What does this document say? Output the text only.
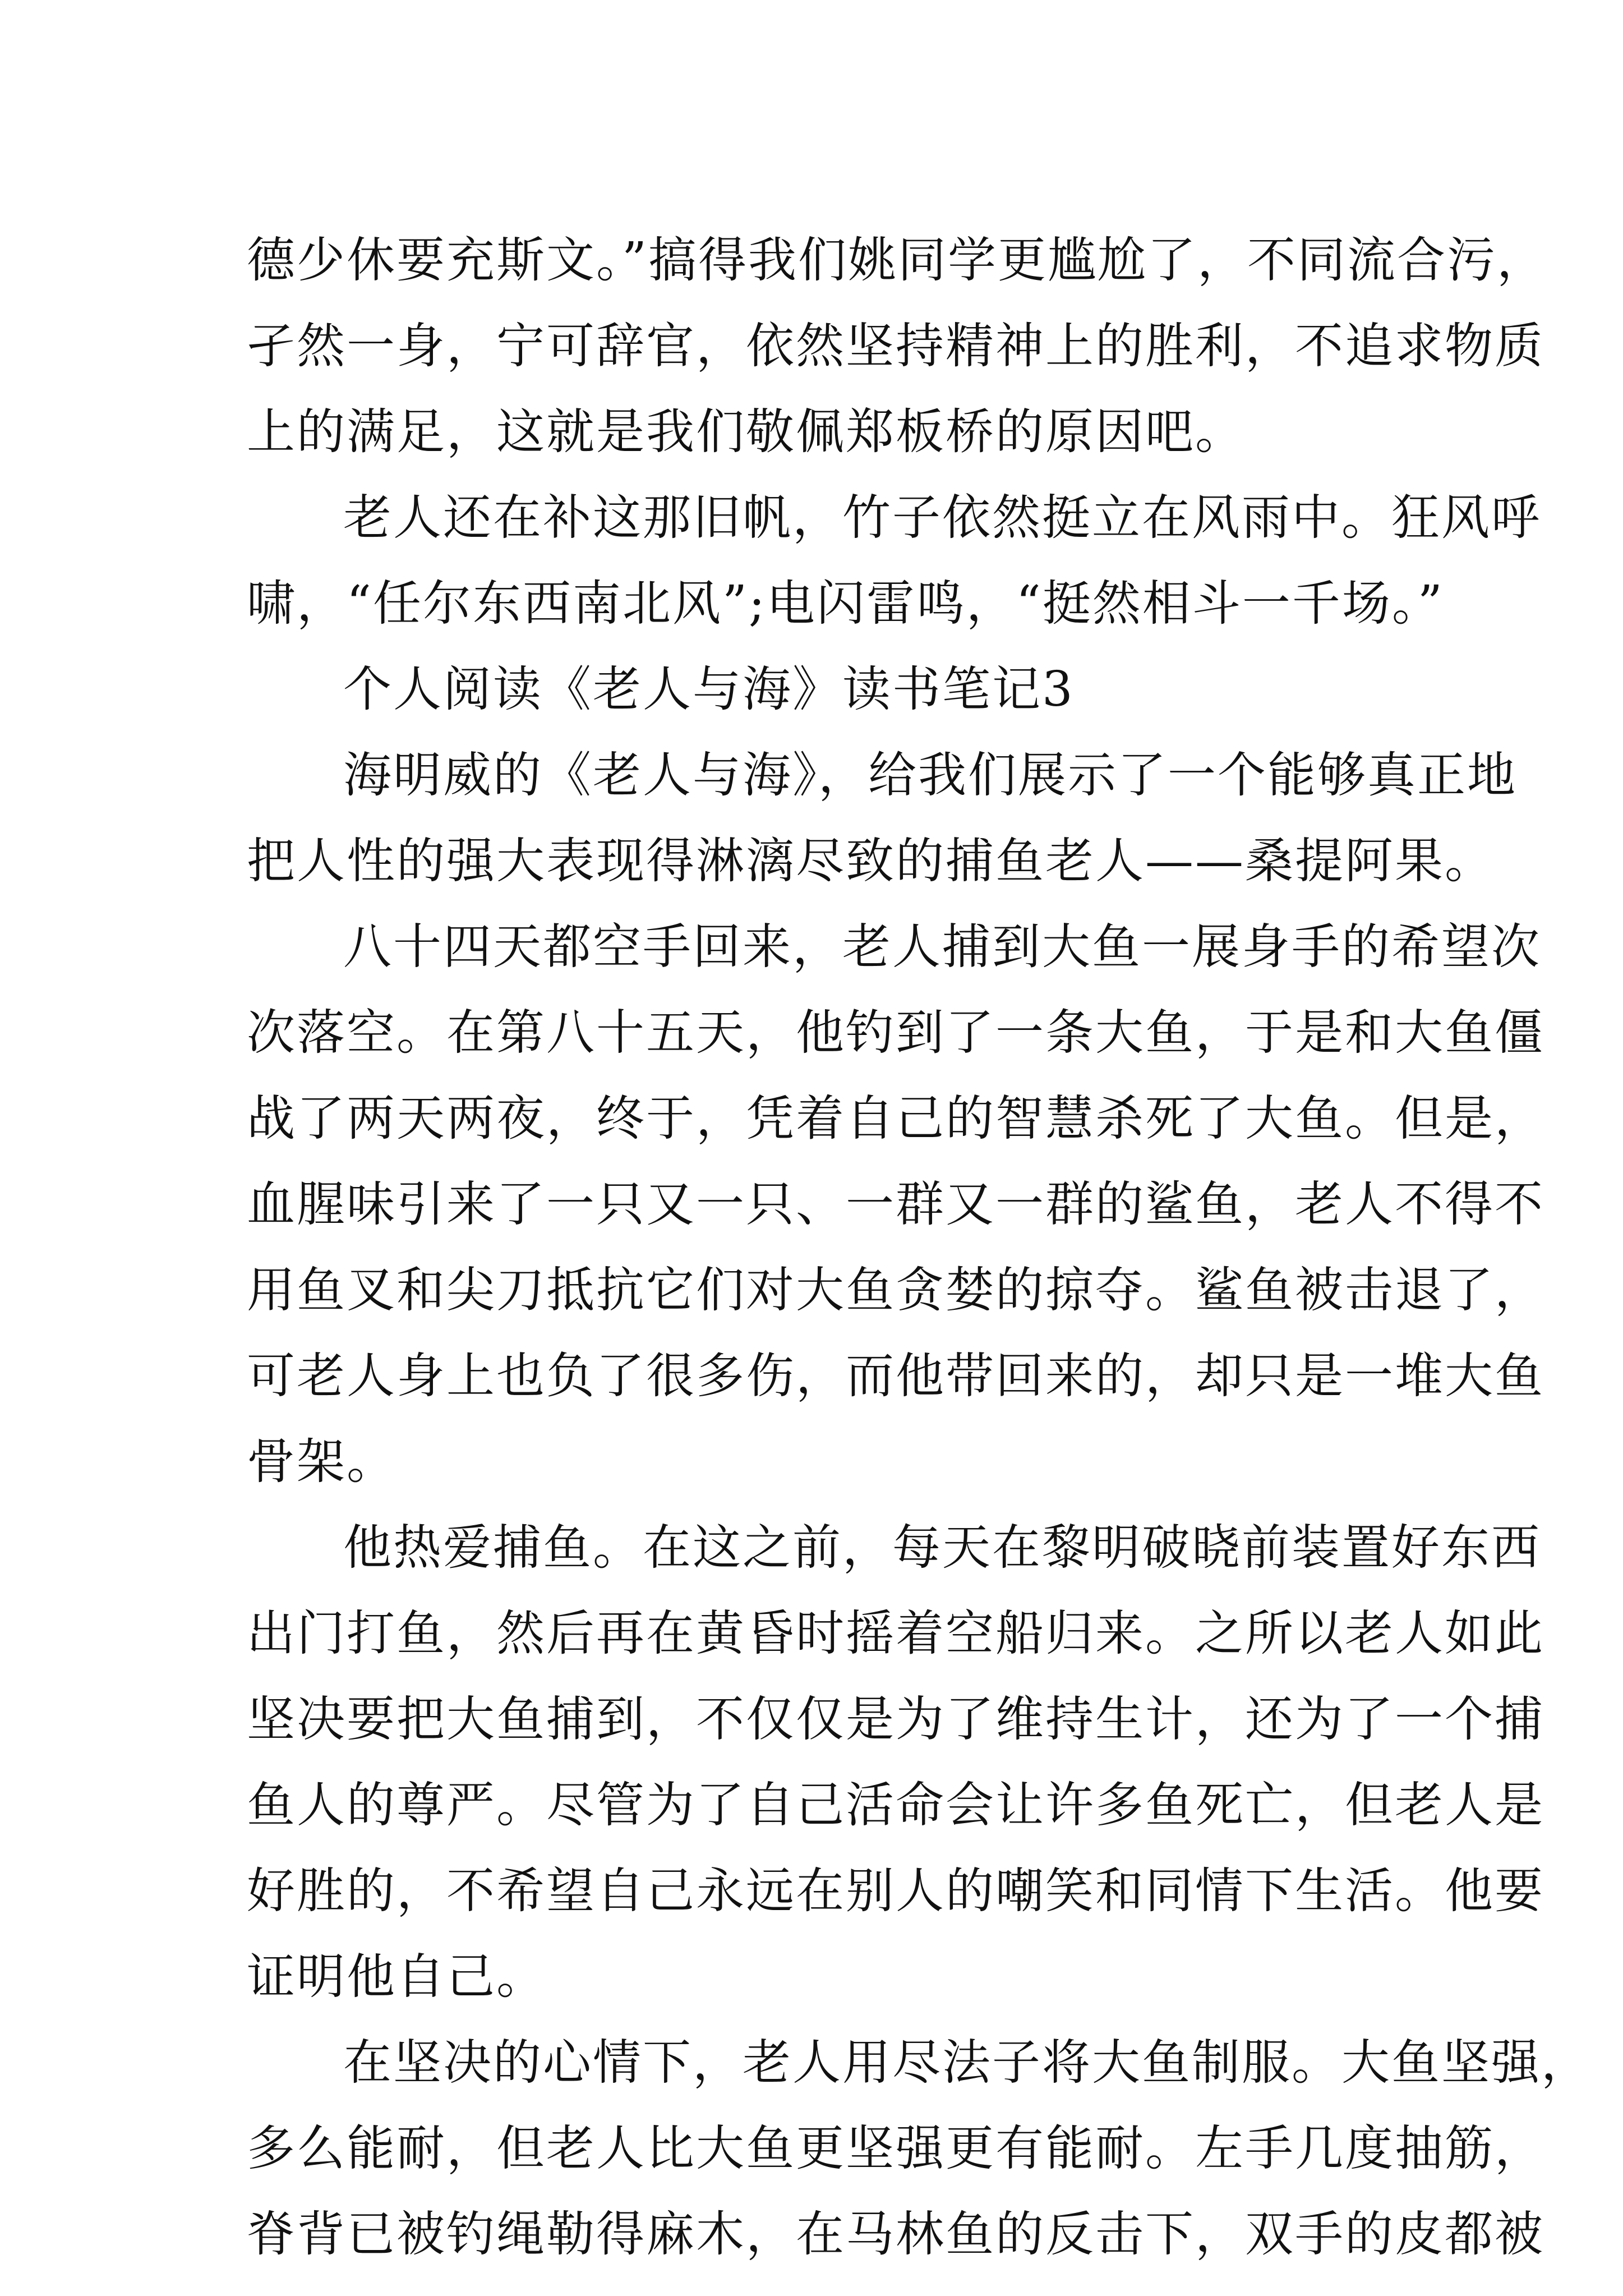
德少休要充斯文。”搞得我们姚同学更尴尬了，不同流合污，
孑然一身，宁可辞官，依然坚持精神上的胜利，不追求物质
上的满足，这就是我们敬佩郑板桥的原因吧。
老人还在补这那旧帆，竹子依然挺立在风雨中。狂风呼
啸，“任尔东西南北风”;电闪雷鸣，“挺然相斗一千场。”
个人阅读《老人与海》读书笔记3
海明威的《老人与海》，给我们展示了一个能够真正地
把人性的强大表现得淋漓尽致的捕鱼老人——桑提阿果。
八十四天都空手回来，老人捕到大鱼一展身手的希望次
次落空。在第八十五天，他钓到了一条大鱼，于是和大鱼僵
战了两天两夜，终于，凭着自己的智慧杀死了大鱼。但是，
血腥味引来了一只又一只、一群又一群的鲨鱼，老人不得不
用鱼叉和尖刀抵抗它们对大鱼贪婪的掠夺。鲨鱼被击退了，
可老人身上也负了很多伤，而他带回来的，却只是一堆大鱼
骨架。
他热爱捕鱼。在这之前，每天在黎明破晓前装置好东西
出门打鱼，然后再在黄昏时摇着空船归来。之所以老人如此
坚决要把大鱼捕到，不仅仅是为了维持生计，还为了一个捕
鱼人的尊严。尽管为了自己活命会让许多鱼死亡，但老人是
好胜的，不希望自己永远在别人的嘲笑和同情下生活。他要
证明他自己。
在坚决的心情下，老人用尽法子将大鱼制服。大鱼坚强，
多么能耐，但老人比大鱼更坚强更有能耐。左手几度抽筋，
脊背已被钓绳勒得麻木，在马林鱼的反击下，双手的皮都被
